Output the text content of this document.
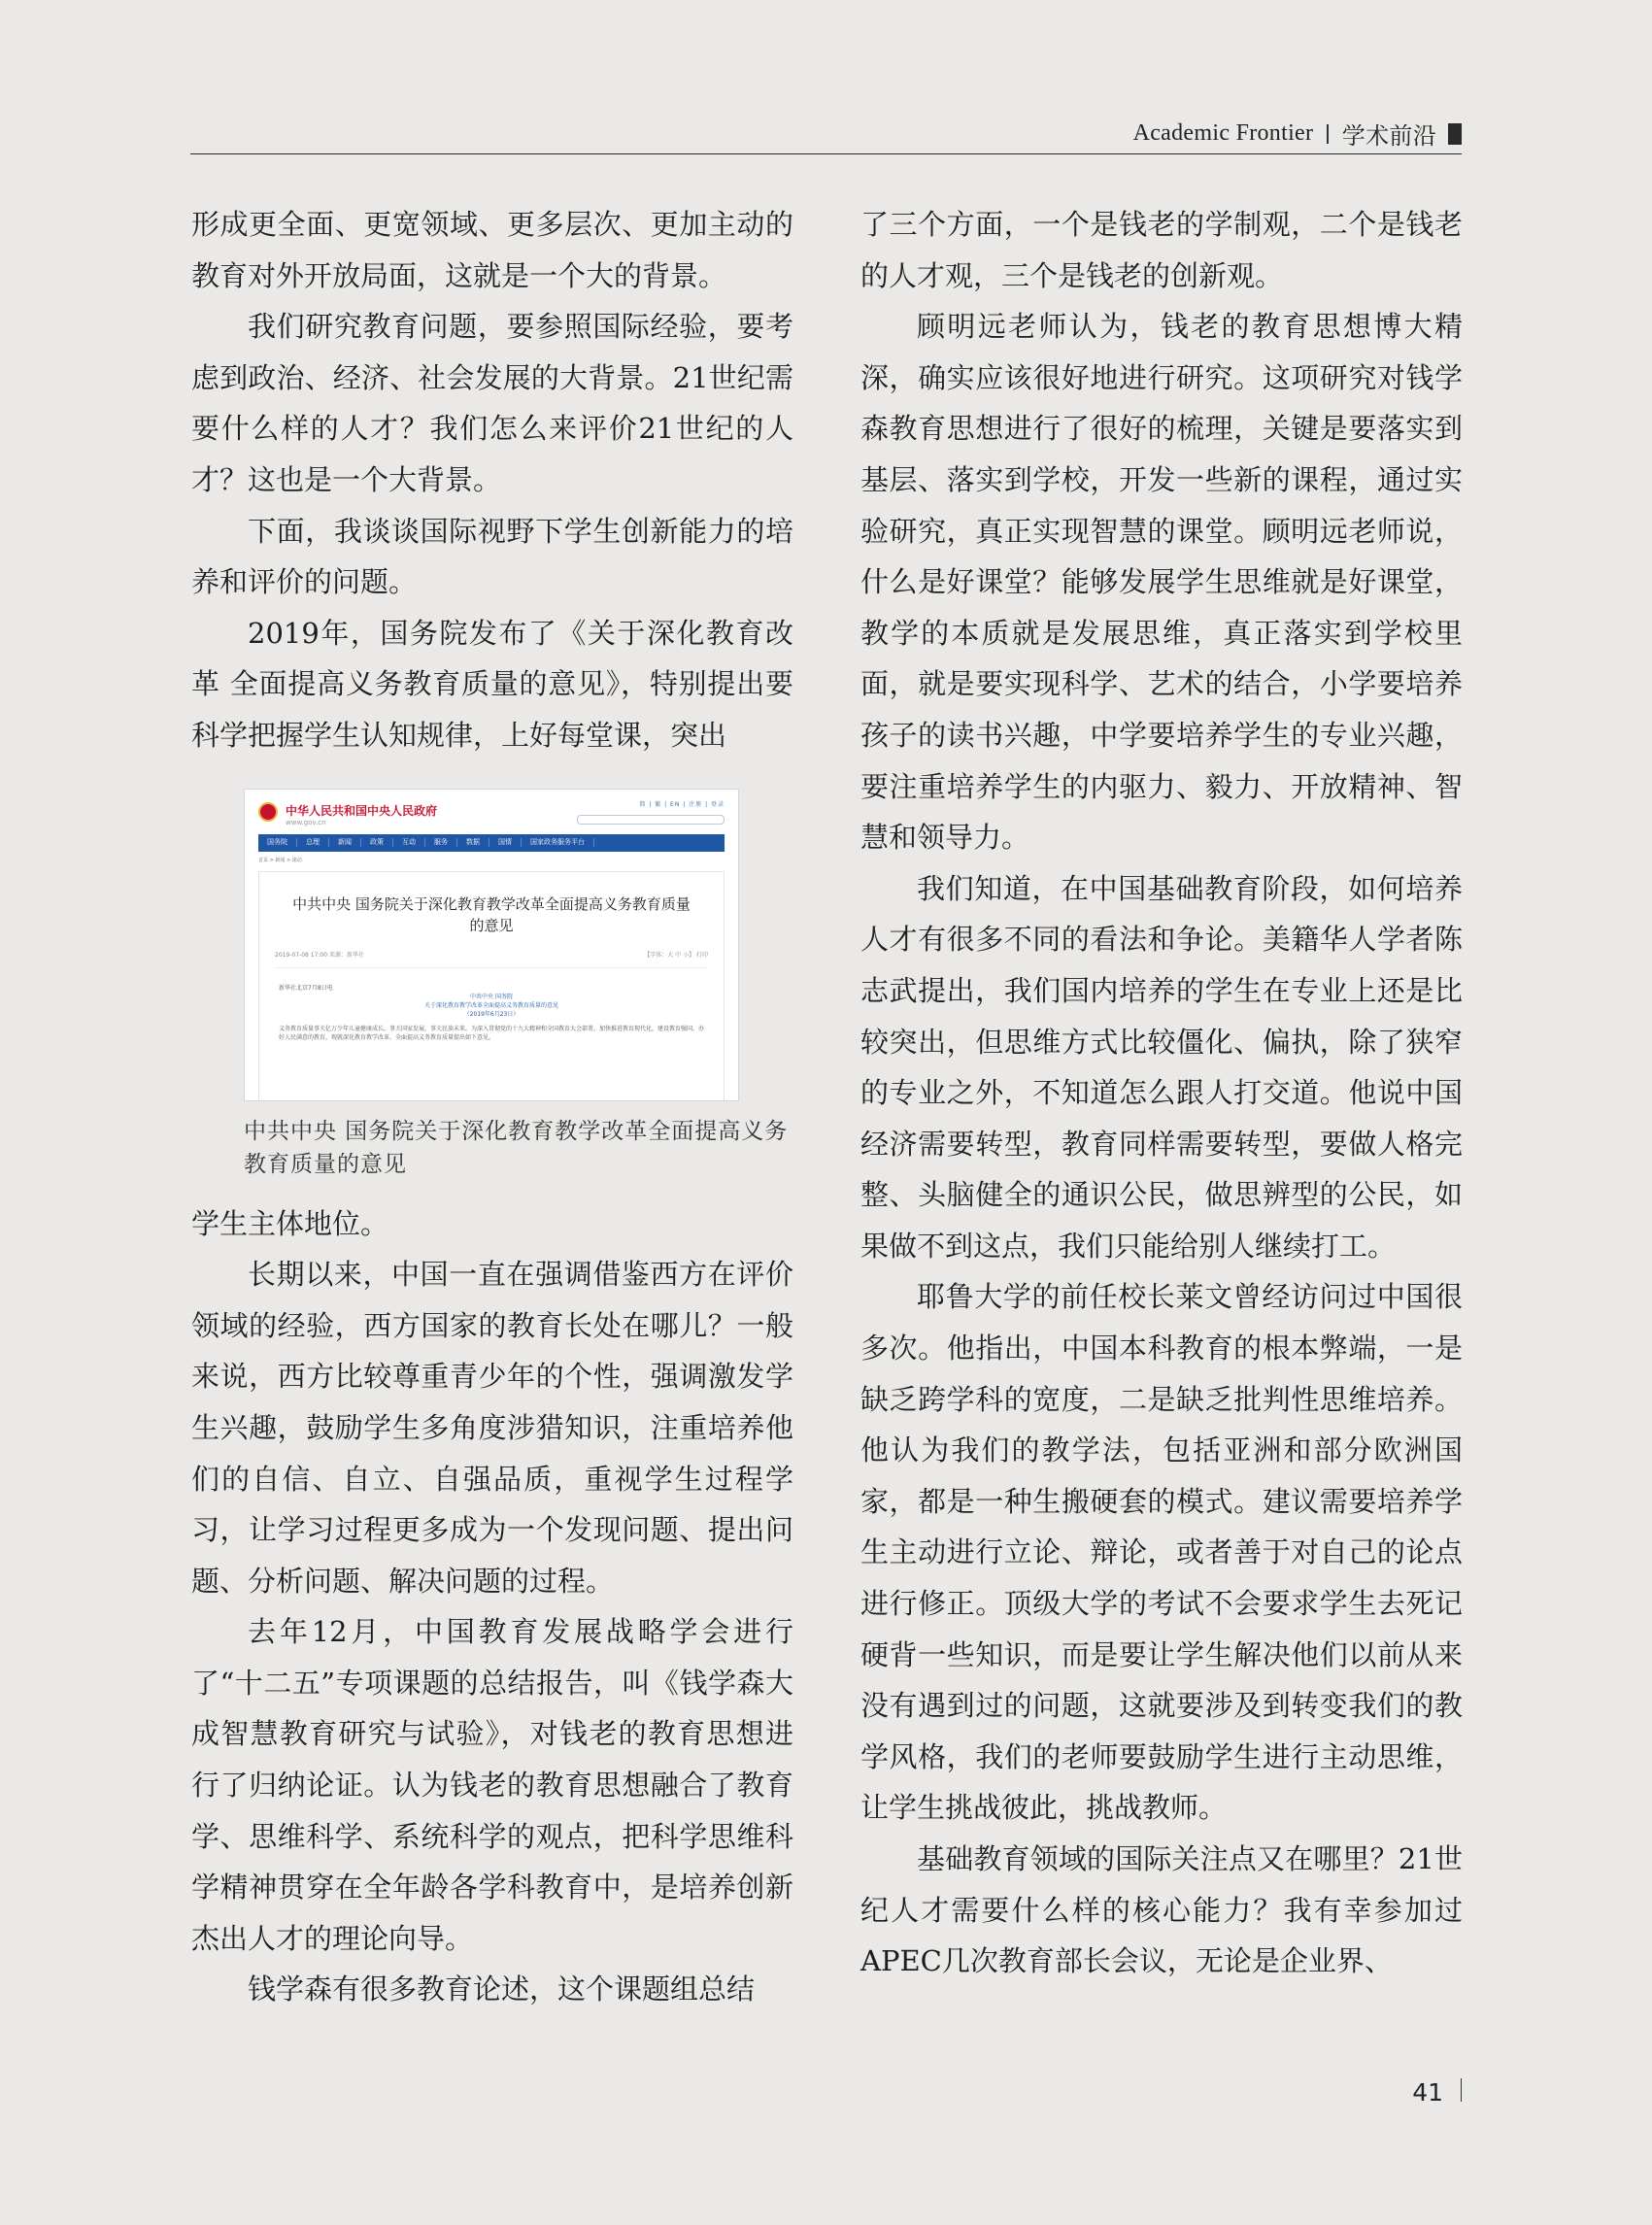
Academic Frontier 学术前沿

形成更全面、更宽领域、更多层次、更加主动的教育对外开放局面，这就是一个大的背景。

我们研究教育问题，要参照国际经验，要考虑到政治、经济、社会发展的大背景。21世纪需要什么样的人才？我们怎么来评价21世纪的人才？这也是一个大背景。

下面，我谈谈国际视野下学生创新能力的培养和评价的问题。

2019年，国务院发布了《关于深化教育改革 全面提高义务教育质量的意见》，特别提出要科学把握学生认知规律，上好每堂课，突出

中华人民共和国中央人民政府
www.gov.cn
简 | 繁 | EN | 注册 | 登录
国务院	总理	新闻	政策	互动	服务	数据	国情	国家政务服务平台
首页 > 新闻 > 滚动
中共中央 国务院关于深化教育教学改革全面提高义务教育质量的意见
2019-07-08 17:00 来源：新华社	【字体：大 中 小】 打印
新华社北京7月8日电
中共中央 国务院
关于深化教育教学改革全面提高义务教育质量的意见
（2019年6月23日）
义务教育质量事关亿万少年儿童健康成长，事关国家发展，事关民族未来。为深入贯彻党的十九大精神和全国教育大会部署，加快推进教育现代化，建设教育强国，办好人民满意的教育，现就深化教育教学改革、全面提高义务教育质量提出如下意见。
中共中央 国务院关于深化教育教学改革全面提高义务教育质量的意见

学生主体地位。

长期以来，中国一直在强调借鉴西方在评价领域的经验，西方国家的教育长处在哪儿？一般来说，西方比较尊重青少年的个性，强调激发学生兴趣，鼓励学生多角度涉猎知识，注重培养他们的自信、自立、自强品质，重视学生过程学习，让学习过程更多成为一个发现问题、提出问题、分析问题、解决问题的过程。

去年12月，中国教育发展战略学会进行了“十二五”专项课题的总结报告，叫《钱学森大成智慧教育研究与试验》，对钱老的教育思想进行了归纳论证。认为钱老的教育思想融合了教育学、思维科学、系统科学的观点，把科学思维科学精神贯穿在全年龄各学科教育中，是培养创新杰出人才的理论向导。

钱学森有很多教育论述，这个课题组总结

了三个方面，一个是钱老的学制观，二个是钱老的人才观，三个是钱老的创新观。

顾明远老师认为，钱老的教育思想博大精深，确实应该很好地进行研究。这项研究对钱学森教育思想进行了很好的梳理，关键是要落实到基层、落实到学校，开发一些新的课程，通过实验研究，真正实现智慧的课堂。顾明远老师说，什么是好课堂？能够发展学生思维就是好课堂，教学的本质就是发展思维，真正落实到学校里面，就是要实现科学、艺术的结合，小学要培养孩子的读书兴趣，中学要培养学生的专业兴趣，要注重培养学生的内驱力、毅力、开放精神、智慧和领导力。

我们知道，在中国基础教育阶段，如何培养人才有很多不同的看法和争论。美籍华人学者陈志武提出，我们国内培养的学生在专业上还是比较突出，但思维方式比较僵化、偏执，除了狭窄的专业之外，不知道怎么跟人打交道。他说中国经济需要转型，教育同样需要转型，要做人格完整、头脑健全的通识公民，做思辨型的公民，如果做不到这点，我们只能给别人继续打工。

耶鲁大学的前任校长莱文曾经访问过中国很多次。他指出，中国本科教育的根本弊端，一是缺乏跨学科的宽度，二是缺乏批判性思维培养。他认为我们的教学法，包括亚洲和部分欧洲国家，都是一种生搬硬套的模式。建议需要培养学生主动进行立论、辩论，或者善于对自己的论点进行修正。顶级大学的考试不会要求学生去死记硬背一些知识，而是要让学生解决他们以前从来没有遇到过的问题，这就要涉及到转变我们的教学风格，我们的老师要鼓励学生进行主动思维，让学生挑战彼此，挑战教师。

基础教育领域的国际关注点又在哪里？21世纪人才需要什么样的核心能力？我有幸参加过APEC几次教育部长会议，无论是企业界、

41
